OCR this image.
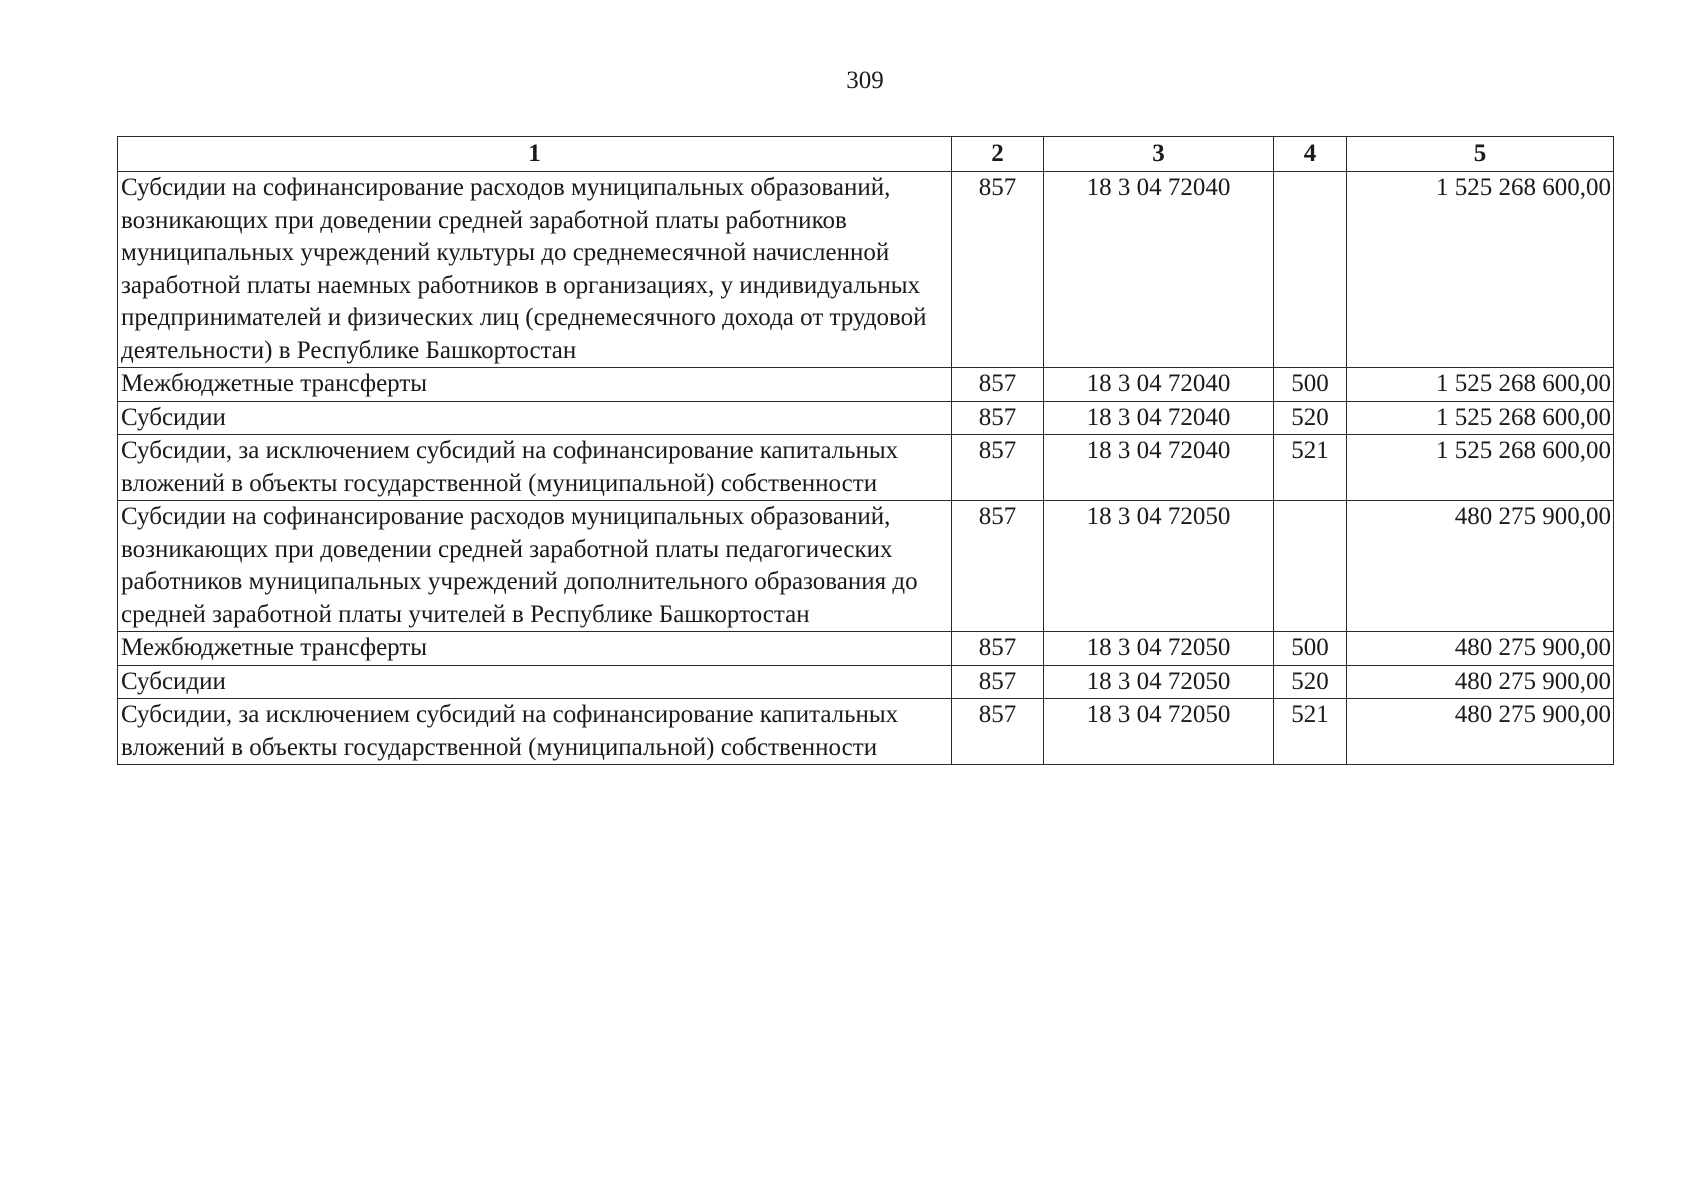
309
1	2	3	4	5
Субсидии на софинансирование расходов муниципальных образований, возникающих при доведении средней заработной платы работников муниципальных учреждений культуры до среднемесячной начисленной заработной платы наемных работников в организациях, у индивидуальных предпринимателей и физических лиц (среднемесячного дохода от трудовой деятельности) в Республике Башкортостан	857	18 3 04 72040		1 525 268 600,00
Межбюджетные трансферты	857	18 3 04 72040	500	1 525 268 600,00
Субсидии	857	18 3 04 72040	520	1 525 268 600,00
Субсидии, за исключением субсидий на софинансирование капитальных вложений в объекты государственной (муниципальной) собственности	857	18 3 04 72040	521	1 525 268 600,00
Субсидии на софинансирование расходов муниципальных образований, возникающих при доведении средней заработной платы педагогических работников муниципальных учреждений дополнительного образования до средней заработной платы учителей в Республике Башкортостан	857	18 3 04 72050		480 275 900,00
Межбюджетные трансферты	857	18 3 04 72050	500	480 275 900,00
Субсидии	857	18 3 04 72050	520	480 275 900,00
Субсидии, за исключением субсидий на софинансирование капитальных вложений в объекты государственной (муниципальной) собственности	857	18 3 04 72050	521	480 275 900,00
